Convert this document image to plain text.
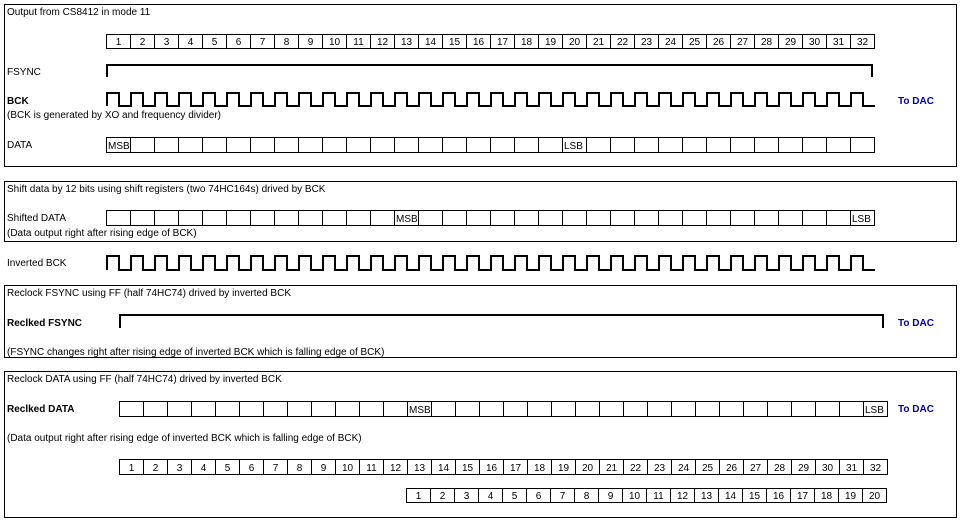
Output from CS8412 in mode 11
FSYNC
BCK
(BCK is generated by XO and frequency divider)
DATA
To DAC
1 2 3 4 5 6 7 8 9 10 11 12 13 14 15 16 17 18 19 20 21 22 23 24 25 26 27 28 29 30 31 32
MSB	LSB
Shift data by 12 bits using shift registers (two 74HC164s) drived by BCK
Shifted DATA
(Data output right after rising edge of BCK)
MSB	LSB
Inverted BCK
Reclock FSYNC using FF (half 74HC74) drived by inverted BCK
Reclked FSYNC
(FSYNC changes right after rising edge of inverted BCK which is falling edge of BCK)
To DAC
Reclock DATA using FF (half 74HC74) drived by inverted BCK
Reclked DATA
(Data output right after rising edge of inverted BCK which is falling edge of BCK)
To DAC
MSB	LSB
1 2 3 4 5 6 7 8 9 10 11 12 13 14 15 16 17 18 19 20 21 22 23 24 25 26 27 28 29 30 31 32
1 2 3 4 5 6 7 8 9 10 11 12 13 14 15 16 17 18 19 20
